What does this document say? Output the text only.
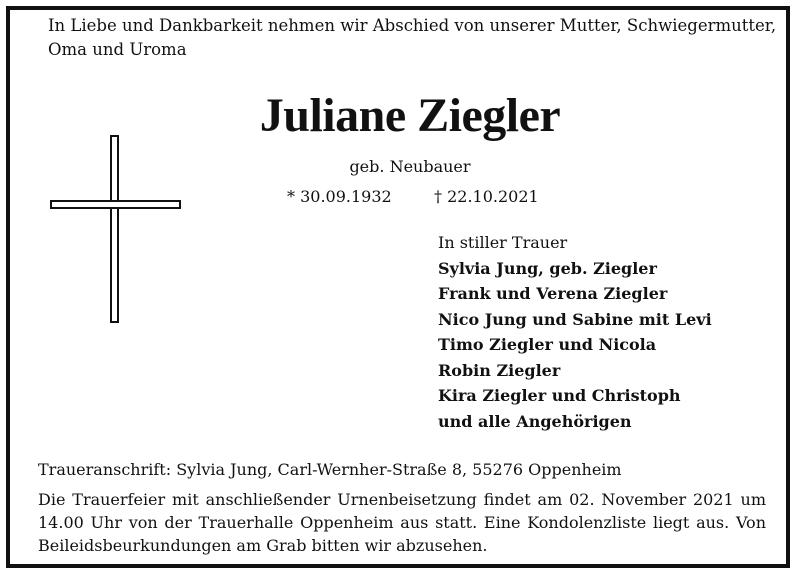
In Liebe und Dankbarkeit nehmen wir Abschied von unserer Mutter, Schwiegermutter, Oma und Uroma
Juliane Ziegler
geb. Neubauer
* 30.09.1932	† 22.10.2021
In stiller Trauer
Sylvia Jung, geb. Ziegler
Frank und Verena Ziegler
Nico Jung und Sabine mit Levi
Timo Ziegler und Nicola
Robin Ziegler
Kira Ziegler und Christoph
und alle Angehörigen
Traueranschrift: Sylvia Jung, Carl-Wernher-Straße 8, 55276 Oppenheim
Die Trauerfeier mit anschließender Urnenbeisetzung findet am 02. November 2021 um 14.00 Uhr von der Trauerhalle Oppenheim aus statt. Eine Kondolenzliste liegt aus. Von Beileidsbeurkundungen am Grab bitten wir abzusehen.
